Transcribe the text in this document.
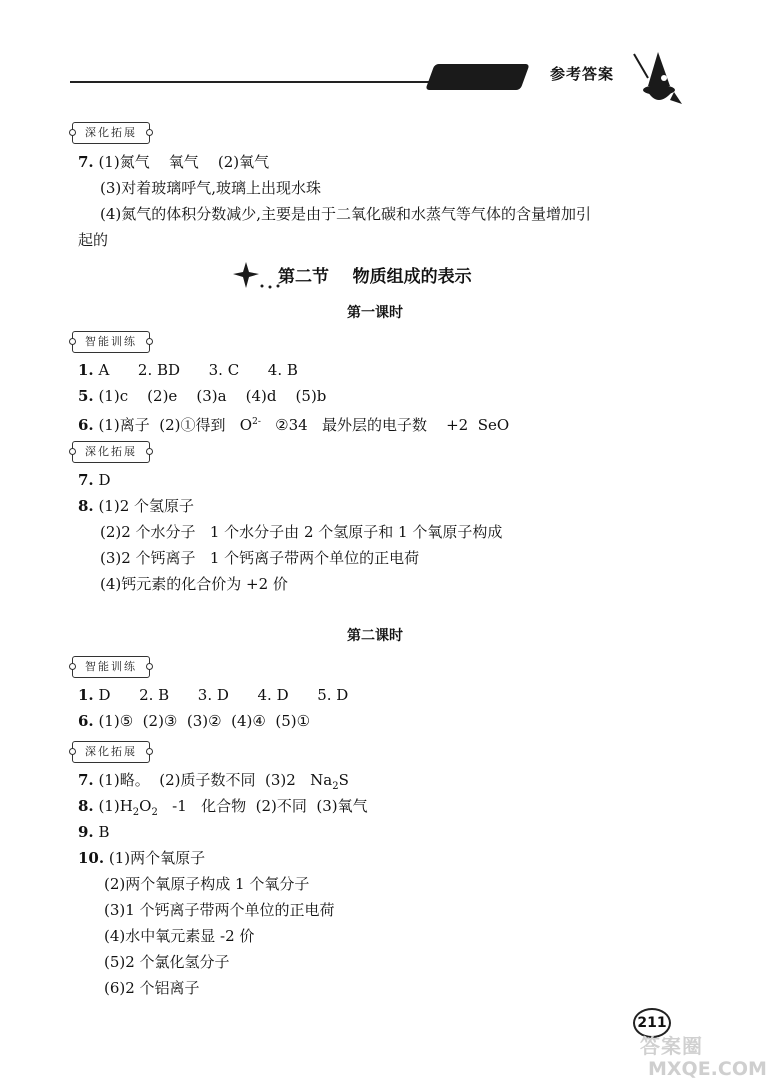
参考答案
深化拓展
7. (1)氮气    氧气    (2)氧气
(3)对着玻璃呼气,玻璃上出现水珠
(4)氮气的体积分数减少,主要是由于二氧化碳和水蒸气等气体的含量增加引
起的
第二节    物质组成的表示
第一课时
智能训练
1. A      2. BD      3. C      4. B
5. (1)c    (2)e    (3)a    (4)d    (5)b
6. (1)离子  (2)①得到   $O^{2-}$   ②34   最外层的电子数    +2  SeO
深化拓展
7. D
8. (1)2 个氢原子
(2)2 个水分子   1 个水分子由 2 个氢原子和 1 个氧原子构成
(3)2 个钙离子   1 个钙离子带两个单位的正电荷
(4)钙元素的化合价为 +2 价
第二课时
智能训练
1. D      2. B      3. D      4. D      5. D
6. (1)⑤  (2)③  (3)②  (4)④  (5)①
深化拓展
7. (1)略。  (2)质子数不同  (3)2   $Na_2S$
8. $(1)H_2O_2$   -1   化合物  (2)不同  (3)氧气
9. B
10. (1)两个氧原子
(2)两个氧原子构成 1 个氧分子
(3)1 个钙离子带两个单位的正电荷
(4)水中氧元素显 -2 价
(5)2 个氯化氢分子
(6)2 个铝离子
211
答案圈
MXQE.COM
